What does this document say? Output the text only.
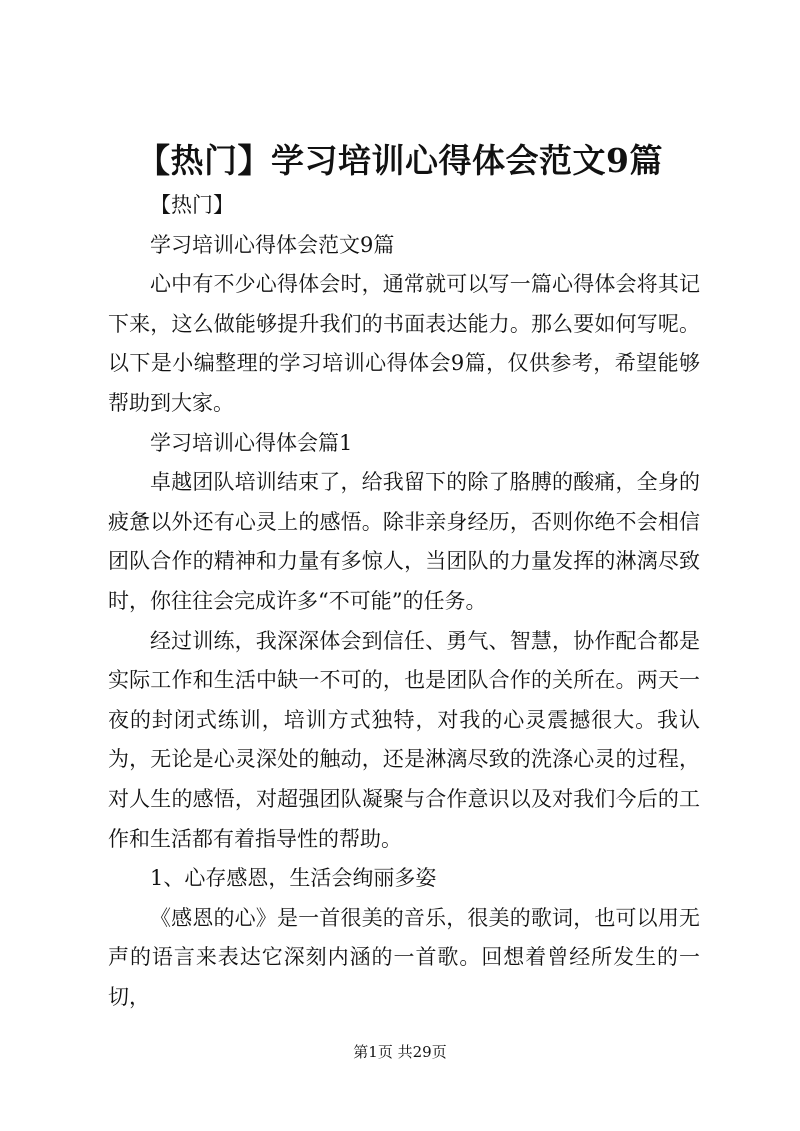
【热门】学习培训心得体会范文9篇

【热门】

学习培训心得体会范文9篇

心中有不少心得体会时，通常就可以写一篇心得体会将其记下来，这么做能够提升我们的书面表达能力。那么要如何写呢。以下是小编整理的学习培训心得体会9篇，仅供参考，希望能够帮助到大家。

学习培训心得体会篇1

卓越团队培训结束了，给我留下的除了胳膊的酸痛，全身的疲惫以外还有心灵上的感悟。除非亲身经历，否则你绝不会相信团队合作的精神和力量有多惊人，当团队的力量发挥的淋漓尽致时，你往往会完成许多“不可能”的任务。

经过训练，我深深体会到信任、勇气、智慧，协作配合都是实际工作和生活中缺一不可的，也是团队合作的关所在。两天一夜的封闭式练训，培训方式独特，对我的心灵震撼很大。我认为，无论是心灵深处的触动，还是淋漓尽致的洗涤心灵的过程，对人生的感悟，对超强团队凝聚与合作意识以及对我们今后的工作和生活都有着指导性的帮助。

1、心存感恩，生活会绚丽多姿

《感恩的心》是一首很美的音乐，很美的歌词，也可以用无声的语言来表达它深刻内涵的一首歌。回想着曾经所发生的一切，

第1页 共29页
